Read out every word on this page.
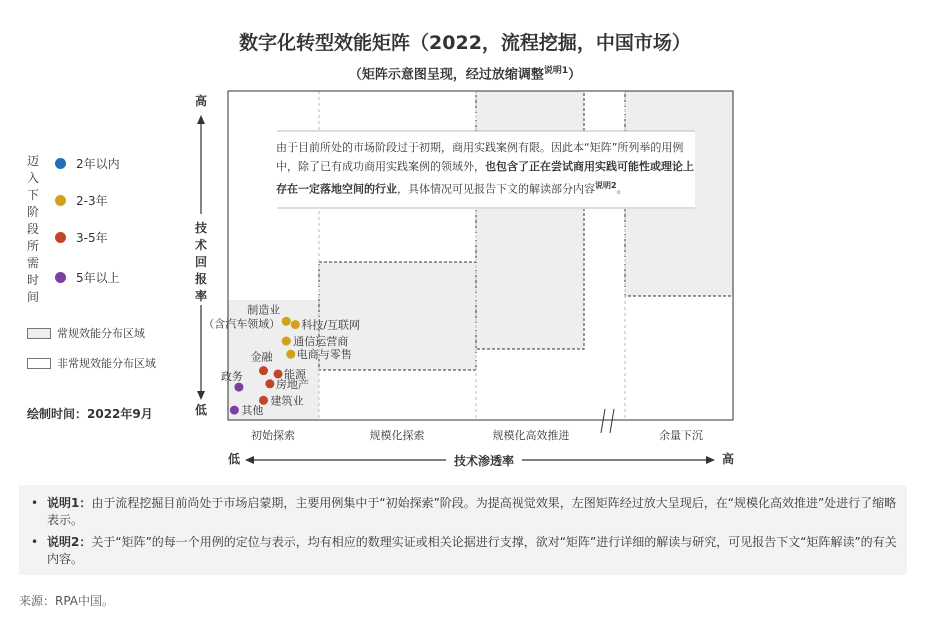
数字化转型效能矩阵（2022，流程挖掘，中国市场）
（矩阵示意图呈现，经过放缩调整$^{说明1}$）
迈入下阶段所需时间
2年以内
2-3年
3-5年
5年以上
常规效能分布区域
非常规效能分布区域
绘制时间：2022年9月
技术渗透率
低	高
高
低
初始探索	规模化探索	规模化高效推进	余量下沉
技
术
回
报
率
制造业
（含汽车领域） 科技/互联网
通信运营商
电商与零售
金融
能源
房地产
建筑业
政务
其他
由于目前所处的市场阶段过于初期，商用实践案例有限。因此本“矩阵”所列举的用例中，除了已有成功商用实践案例的领域外，也包含了正在尝试商用实践可能性或理论上存在一定落地空间的行业，具体情况可见报告下文的解读部分内容$^{说明2}$。
• 说明1：由于流程挖掘目前尚处于市场启蒙期，主要用例集中于“初始探索”阶段。为提高视觉效果，左图矩阵经过放大呈现后，在“规模化高效推进”处进行了缩略表示。
• 说明2：关于“矩阵”的每一个用例的定位与表示，均有相应的数理实证或相关论据进行支撑，欲对“矩阵”进行详细的解读与研究，可见报告下文“矩阵解读”的有关内容。
来源：RPA中国。
